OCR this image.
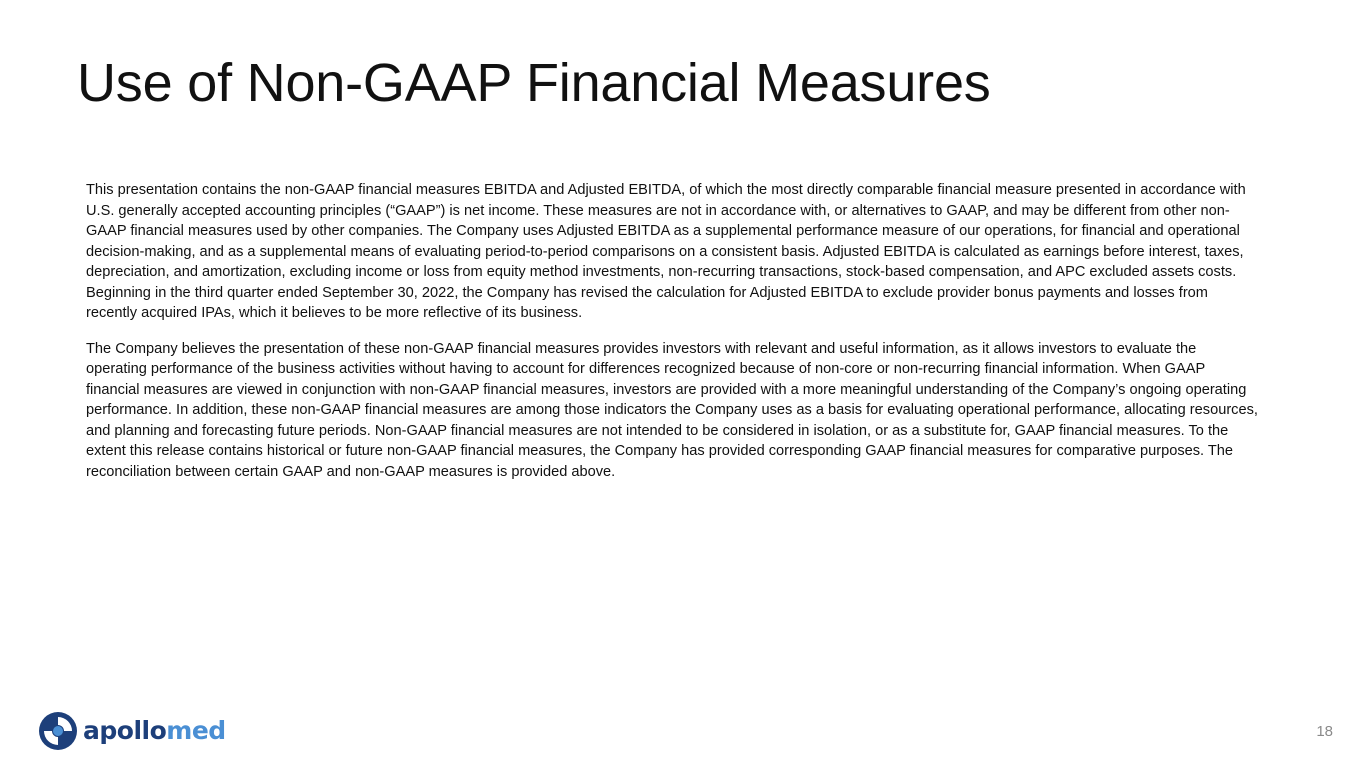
Use of Non-GAAP Financial Measures

This presentation contains the non-GAAP financial measures EBITDA and Adjusted EBITDA, of which the most directly comparable financial measure presented in accordance with U.S. generally accepted accounting principles (“GAAP”) is net income. These measures are not in accordance with, or alternatives to GAAP, and may be different from other non-GAAP financial measures used by other companies. The Company uses Adjusted EBITDA as a supplemental performance measure of our operations, for financial and operational decision-making, and as a supplemental means of evaluating period-to-period comparisons on a consistent basis. Adjusted EBITDA is calculated as earnings before interest, taxes, depreciation, and amortization, excluding income or loss from equity method investments, non-recurring transactions, stock-based compensation, and APC excluded assets costs. Beginning in the third quarter ended September 30, 2022, the Company has revised the calculation for Adjusted EBITDA to exclude provider bonus payments and losses from recently acquired IPAs, which it believes to be more reflective of its business.

The Company believes the presentation of these non-GAAP financial measures provides investors with relevant and useful information, as it allows investors to evaluate the operating performance of the business activities without having to account for differences recognized because of non-core or non-recurring financial information. When GAAP financial measures are viewed in conjunction with non-GAAP financial measures, investors are provided with a more meaningful understanding of the Company’s ongoing operating performance. In addition, these non-GAAP financial measures are among those indicators the Company uses as a basis for evaluating operational performance, allocating resources, and planning and forecasting future periods. Non-GAAP financial measures are not intended to be considered in isolation, or as a substitute for, GAAP financial measures. To the extent this release contains historical or future non-GAAP financial measures, the Company has provided corresponding GAAP financial measures for comparative purposes. The reconciliation between certain GAAP and non-GAAP measures is provided above.

apollomed	18
